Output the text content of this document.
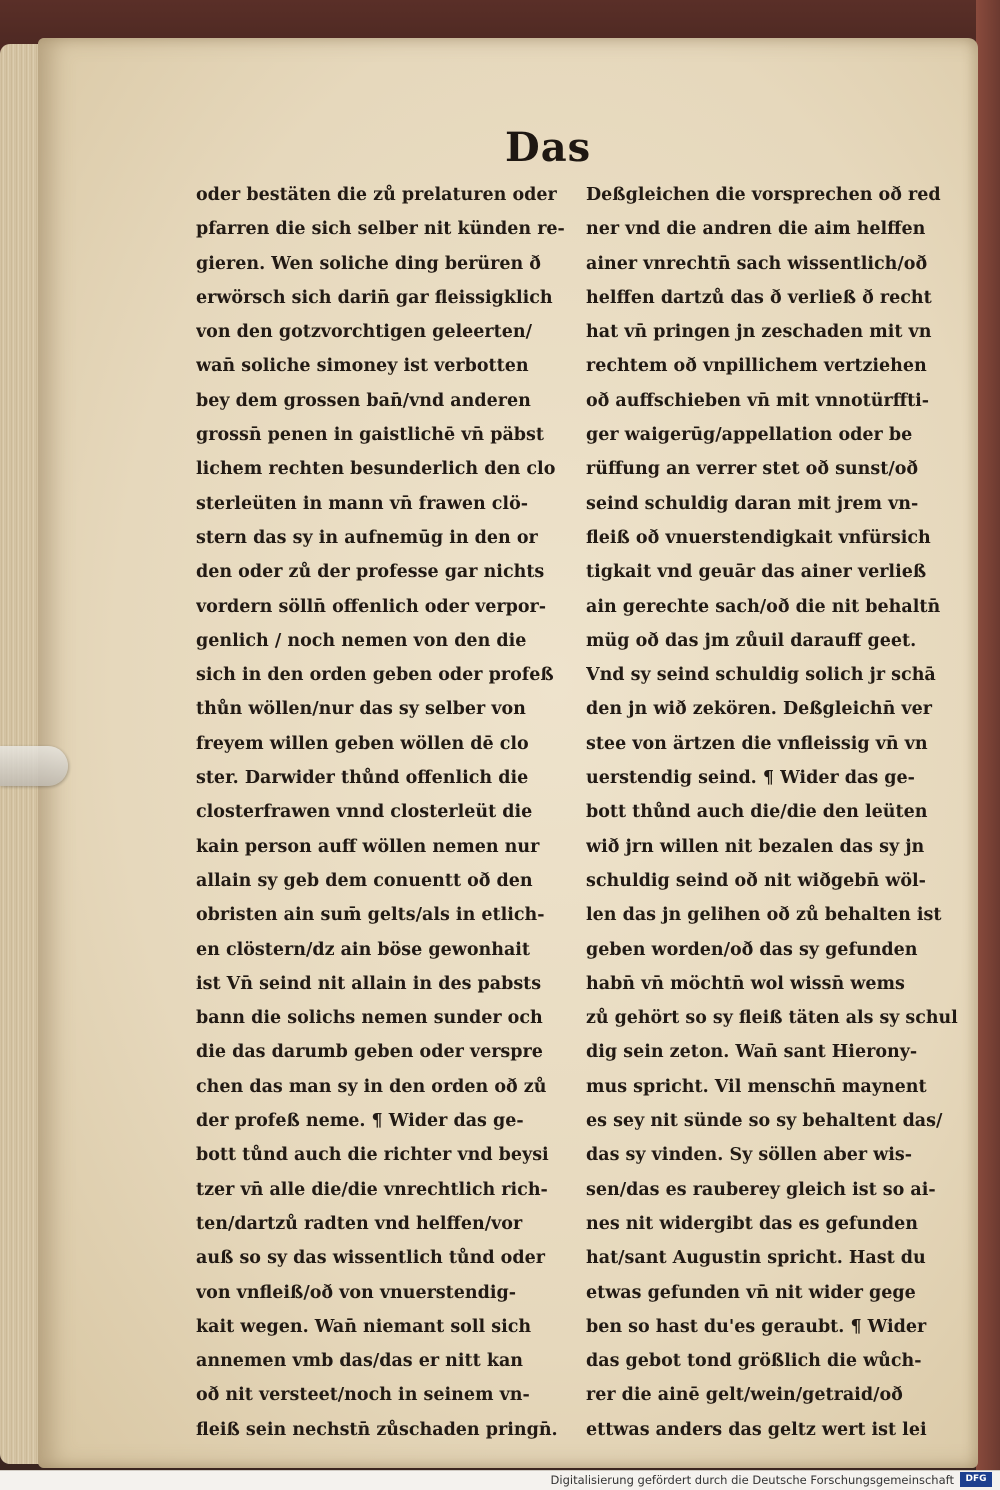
Das
oder bestäten die zů prelaturen oder
pfarren die sich selber nit künden re-
gieren. Wen soliche ding berüren ð
erwörsch sich darin̄ gar fleissigklich
von den gotzvorchtigen geleerten/
wan̄ soliche simoney ist verbotten
bey dem grossen ban̄/vnd anderen
grossn̄ penen in gaistlichē vn̄ päbst
lichem rechten besunderlich den clo
sterleüten in mann vn̄ frawen clö-
stern das sy in aufnemūg in den or
den oder zů der professe gar nichts
vordern sölln̄ offenlich oder verpor-
genlich / noch nemen von den die
sich in den orden geben oder profeß
thůn wöllen/nur das sy selber von
freyem willen geben wöllen dē clo
ster. Darwider thůnd offenlich die
closterfrawen vnnd closterleüt die
kain person auff wöllen nemen nur
allain sy geb dem conuentt oð den
obristen ain sum̄ gelts/als in etlich-
en clöstern/dz ain böse gewonhait
ist Vn̄ seind nit allain in des pabsts
bann die solichs nemen sunder och
die das darumb geben oder verspre
chen das man sy in den orden oð zů
der profeß neme. ¶ Wider das ge-
bott tůnd auch die richter vnd beysi
tzer vn̄ alle die/die vnrechtlich rich-
ten/dartzů radten vnd helffen/vor
auß so sy das wissentlich tůnd oder
von vnfleiß/oð von vnuerstendig-
kait wegen. Wan̄ niemant soll sich
annemen vmb das/das er nitt kan
oð nit versteet/noch in seinem vn-
fleiß sein nechstn̄ zůschaden pringn̄.
Deßgleichen die vorsprechen oð red
ner vnd die andren die aim helffen
ainer vnrechtn̄ sach wissentlich/oð
helffen dartzů das ð verließ ð recht
hat vn̄ pringen jn zeschaden mit vn
rechtem oð vnpillichem vertziehen
oð auffschieben vn̄ mit vnnotürffti-
ger waigerūg/appellation oder be
rüffung an verrer stet oð sunst/oð
seind schuldig daran mit jrem vn-
fleiß oð vnuerstendigkait vnfürsich
tigkait vnd geuār das ainer verließ
ain gerechte sach/oð die nit behaltn̄
müg oð das jm zůuil darauff geet.
Vnd sy seind schuldig solich jr schā
den jn wið zekören. Deßgleichn̄ ver
stee von ärtzen die vnfleissig vn̄ vn
uerstendig seind. ¶ Wider das ge-
bott thůnd auch die/die den leüten
wið jrn willen nit bezalen das sy jn
schuldig seind oð nit wiðgebn̄ wöl-
len das jn gelihen oð zů behalten ist
geben worden/oð das sy gefunden
habn̄ vn̄ möchtn̄ wol wissn̄ wems
zů gehört so sy fleiß täten als sy schul
dig sein zeton. Wan̄ sant Hierony-
mus spricht. Vil menschn̄ maynent
es sey nit sünde so sy behaltent das/
das sy vinden. Sy söllen aber wis-
sen/das es rauberey gleich ist so ai-
nes nit widergibt das es gefunden
hat/sant Augustin spricht. Hast du
etwas gefunden vn̄ nit wider gege
ben so hast du'es geraubt. ¶ Wider
das gebot tond größlich die wůch-
rer die ainē gelt/wein/getraid/oð
ettwas anders das geltz wert ist lei
Digitalisierung gefördert durch die Deutsche Forschungsgemeinschaft	DFG
